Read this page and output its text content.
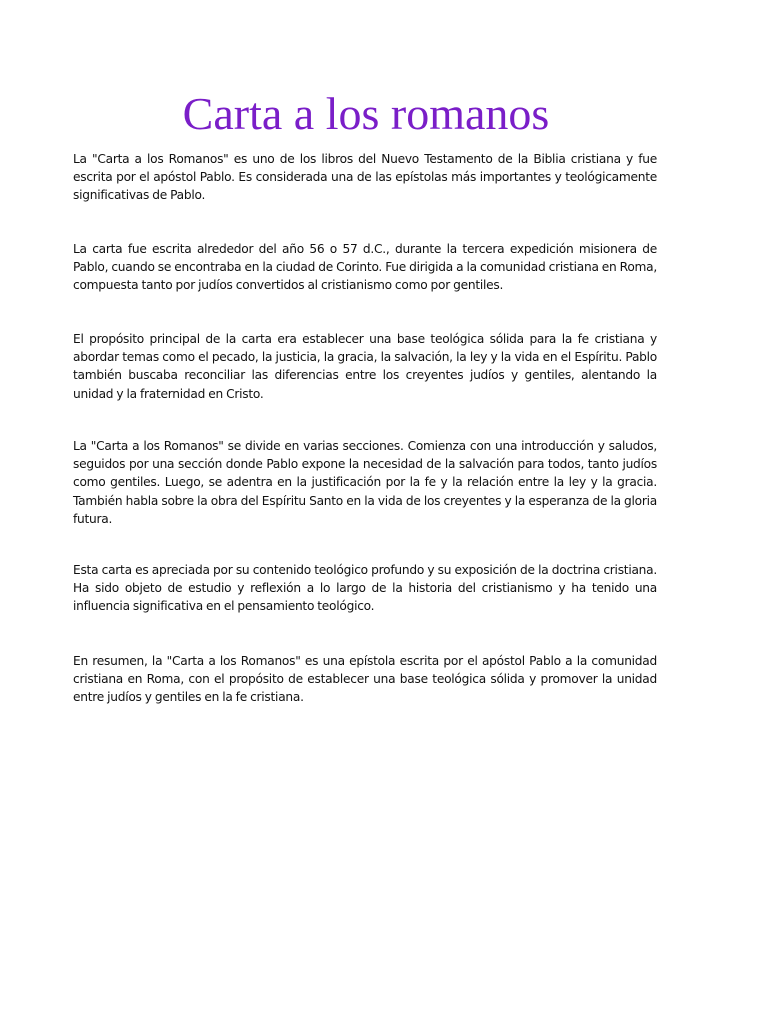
Carta a los romanos

La "Carta a los Romanos" es uno de los libros del Nuevo Testamento de la Biblia cristiana y fue escrita por el apóstol Pablo. Es considerada una de las epístolas más importantes y teológicamente significativas de Pablo.

La carta fue escrita alrededor del año 56 o 57 d.C., durante la tercera expedición misionera de Pablo, cuando se encontraba en la ciudad de Corinto. Fue dirigida a la comunidad cristiana en Roma, compuesta tanto por judíos convertidos al cristianismo como por gentiles.

El propósito principal de la carta era establecer una base teológica sólida para la fe cristiana y abordar temas como el pecado, la justicia, la gracia, la salvación, la ley y la vida en el Espíritu. Pablo también buscaba reconciliar las diferencias entre los creyentes judíos y gentiles, alentando la unidad y la fraternidad en Cristo.

La "Carta a los Romanos" se divide en varias secciones. Comienza con una introducción y saludos, seguidos por una sección donde Pablo expone la necesidad de la salvación para todos, tanto judíos como gentiles. Luego, se adentra en la justificación por la fe y la relación entre la ley y la gracia. También habla sobre la obra del Espíritu Santo en la vida de los creyentes y la esperanza de la gloria futura.

Esta carta es apreciada por su contenido teológico profundo y su exposición de la doctrina cristiana. Ha sido objeto de estudio y reflexión a lo largo de la historia del cristianismo y ha tenido una influencia significativa en el pensamiento teológico.

En resumen, la "Carta a los Romanos" es una epístola escrita por el apóstol Pablo a la comunidad cristiana en Roma, con el propósito de establecer una base teológica sólida y promover la unidad entre judíos y gentiles en la fe cristiana.
